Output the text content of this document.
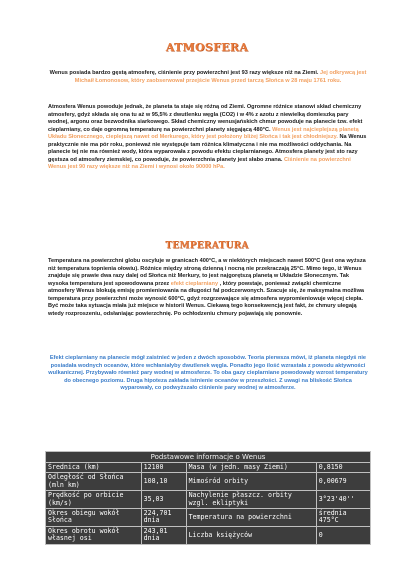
ATMOSFERA

Wenus posiada bardzo gęstą atmosferę, ciśnienie przy powierzchni jest 93 razy większe niż na Ziemi. Jej odkrywcą jest Michaił Łomonosow, który zaobserwował przejście Wenus przed tarczą Słońca w 28 maju 1761 roku.

Atmosfera Wenus powoduje jednak, że planeta ta staje się różną od Ziemi. Ogromne różnice stanowi skład chemiczny atmosfery, gdyż składa się ona tu aż w 95,5% z dwutlenku węgla (CO2) i w 4% z azotu z niewielką domieszką pary wodnej, argonu oraz bezwodnika siarkowego. Skład chemiczny wenusjańskich chmur powoduje na planecie tzw. efekt cieplarniany, co daje ogromną temperaturę na powierzchni planety sięgającą 480°C. Wenus jest najcieplejszą planetą Układu Słonecznego, cieplejszą nawet od Merkurego, który jest położony bliżej Słońca i tak jest chłodniejszy. Na Wenus praktycznie nie ma pór roku, ponieważ nie występuje tam różnica klimatyczna i nie ma możliwości oddychania. Na planecie tej nie ma również wody, która wyparowała z powodu efektu cieplarnianego. Atmosfera planety jest sto razy gęstsza od atmosfery ziemskiej, co powoduje, że powierzchnia planety jest słabo znana. Ciśnienie na powierzchni Wenus jest 90 razy większe niż na Ziemi i wynosi około 90000 hPa.

TEMPERATURA

Temperatura na powierzchni globu oscyluje w granicach 400°C, a w niektórych miejscach nawet 500°C (jest ona wyższa niż temperatura topnienia ołowiu). Różnice między stroną dzienną i nocną nie przekraczają 25°C. Mimo tego, iż Wenus znajduje się prawie dwa razy dalej od Słońca niż Merkury, to jest najgorętszą planetą w Układzie Słonecznym. Tak wysoka temperatura jest spowodowana przez efekt cieplarniany , który powstaje, ponieważ związki chemiczne atmosfery Wenus blokują emisję promieniowania na długości fal podczerwonych. Szacuje się, że maksymalna możliwa temperatura przy powierzchni może wynosić 600°C, gdyż rozgrzewające się atmosfera wypromieniowuje więcej ciepła. Być może taka sytuacja miała już miejsce w historii Wenus. Ciekawą tego konsekwencją jest fakt, że chmury ulegają wtedy rozproszeniu, odsłaniając powierzchnię. Po ochłodzeniu chmury pojawiają się ponownie.

Efekt cieplarniany na planecie mógł zaistnieć w jeden z dwóch sposobów. Teoria pierwsza mówi, iż planeta niegdyś nie posiadała wodnych oceanów, które wchłaniałyby dwutlenek węgla. Ponadto jego ilość wzrastała z powodu aktywności wulkanicznej. Przybywało również pary wodnej w atmosferze. To oba gazy cieplarniane powodowały wzrost temperatury do obecnego poziomu. Druga hipoteza zakłada istnienie oceanów w przeszłości. Z uwagi na bliskość Słońca wyparowały, co podwyższało ciśnienie pary wodnej w atmosferze.

Podstawowe informacje o Wenus
Średnica (km)	12100	Masa (w jedn. masy Ziemi)	0,8150
Odległość od Słońca (mln km)	108,10	Mimośród orbity	0,00679
Prędkość po orbicie (km/s)	35,03	Nachylenie płaszcz. orbity wzgl. ekliptyki	3°23'40''
Okres obiegu wokół Słońca	224,701 dnia	Temperatura na powierzchni	średnia 475°C
Okres obrotu wokół własnej osi	243,01 dnia	Liczba księżyców	0
